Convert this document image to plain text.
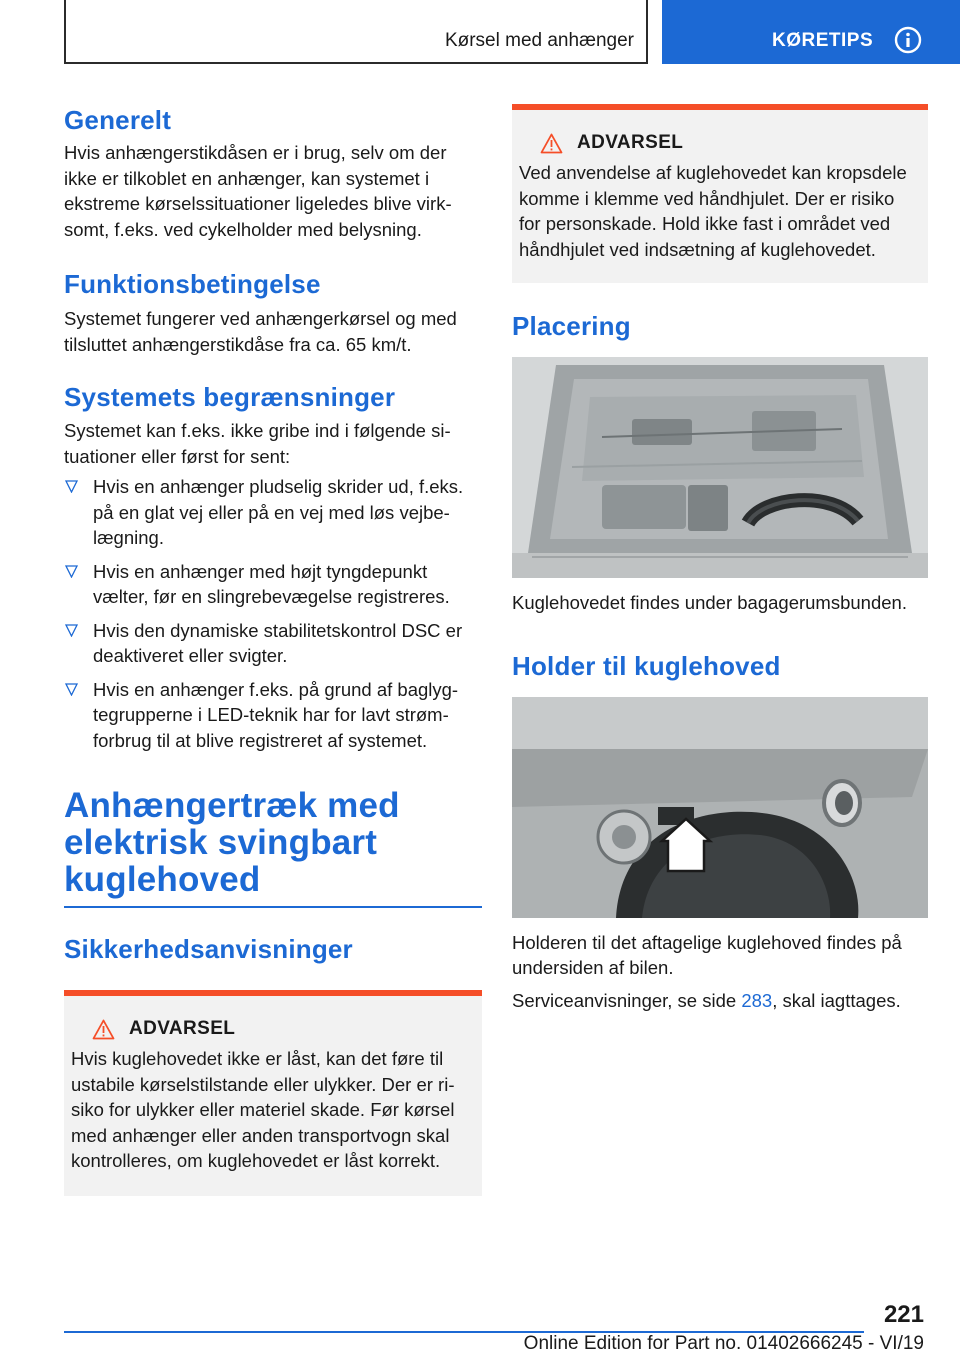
Kørsel med anhænger	KØRETIPS
Generelt

Hvis anhængerstikdåsen er i brug, selv om der
ikke er tilkoblet en anhænger, kan systemet i
ekstreme kørselssituationer ligeledes blive virk-
somt, f.eks. ved cykelholder med belysning.

Funktionsbetingelse

Systemet fungerer ved anhængerkørsel og med
tilsluttet anhængerstikdåse fra ca. 65 km/t.

Systemets begrænsninger

Systemet kan f.eks. ikke gribe ind i følgende si-
tuationer eller først for sent:

Hvis en anhænger pludselig skrider ud, f.eks.
på en glat vej eller på en vej med løs vejbe-
lægning.
Hvis en anhænger med højt tyngdepunkt
vælter, før en slingrebevægelse registreres.
Hvis den dynamiske stabilitetskontrol DSC er
deaktiveret eller svigter.
Hvis en anhænger f.eks. på grund af baglyg-
tegrupperne i LED-teknik har for lavt strøm-
forbrug til at blive registreret af systemet.
Anhængertræk med
elektrisk svingbart
kuglehoved
Sikkerhedsanvisninger
ADVARSEL

Hvis kuglehovedet ikke er låst, kan det føre til
ustabile kørselstilstande eller ulykker. Der er ri-
siko for ulykker eller materiel skade. Før kørsel
med anhænger eller anden transportvogn skal
kontrolleres, om kuglehovedet er låst korrekt.

ADVARSEL

Ved anvendelse af kuglehovedet kan kropsdele
komme i klemme ved håndhjulet. Der er risiko
for personskade. Hold ikke fast i området ved
håndhjulet ved indsætning af kuglehovedet.

Placering

Kuglehovedet findes under bagagerumsbunden.

Holder til kuglehoved

Holderen til det aftagelige kuglehoved findes på
undersiden af bilen.

Serviceanvisninger, se side 283, skal iagttages.

221
Online Edition for Part no. 01402666245 - VI/19
